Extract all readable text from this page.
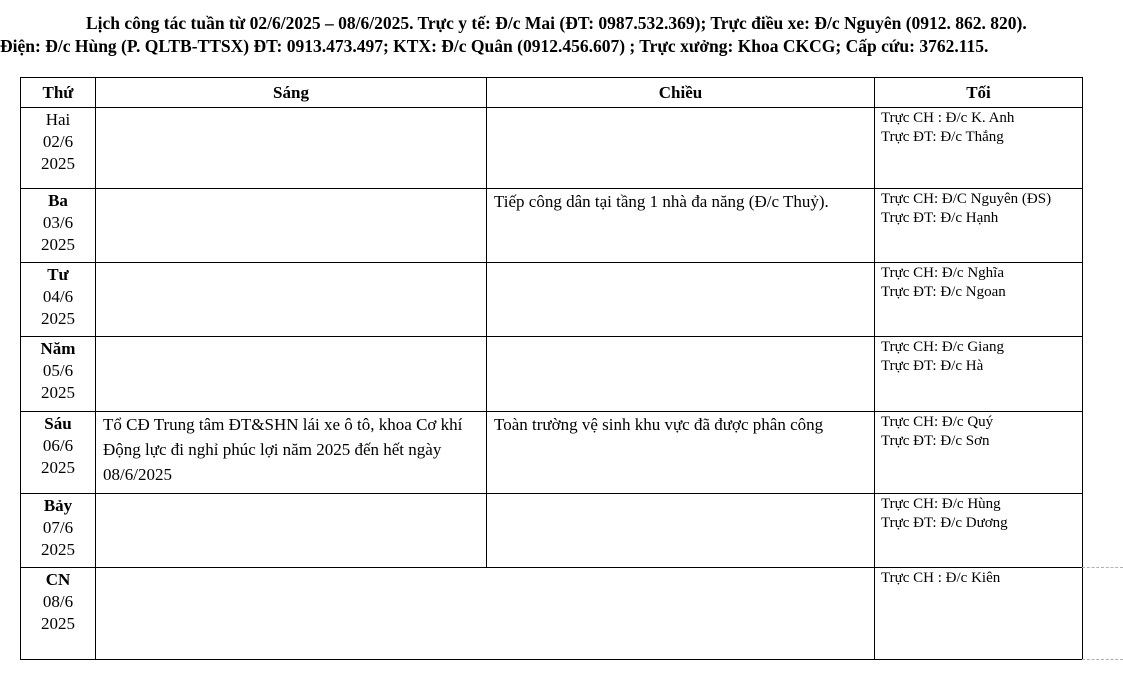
Lịch công tác tuần từ 02/6/2025 – 08/6/2025. Trực y tế: Đ/c Mai (ĐT: 0987.532.369); Trực điều xe: Đ/c Nguyên (0912. 862. 820).
Điện: Đ/c Hùng (P. QLTB-TTSX) ĐT: 0913.473.497; KTX: Đ/c Quân (0912.456.607) ; Trực xưởng: Khoa CKCG; Cấp cứu: 3762.115.
Thứ	Sáng	Chiều	Tối

Hai
02/6
2025			Trực CH : Đ/c K. Anh
Trực ĐT: Đ/c Thắng

Ba
03/6
2025		Tiếp công dân tại tầng 1 nhà đa năng (Đ/c Thuỷ).	Trực CH: Đ/C Nguyên (ĐS)
Trực ĐT: Đ/c Hạnh

Tư
04/6
2025			Trực CH: Đ/c Nghĩa
Trực ĐT: Đ/c Ngoan

Năm
05/6
2025			Trực CH: Đ/c Giang
Trực ĐT: Đ/c Hà

Sáu
06/6
2025	Tổ CĐ Trung tâm ĐT&SHN lái xe ô tô, khoa Cơ khí Động lực đi nghỉ phúc lợi năm 2025 đến hết ngày 08/6/2025	Toàn trường vệ sinh khu vực đã được phân công	Trực CH: Đ/c Quý
Trực ĐT: Đ/c Sơn

Bảy
07/6
2025			Trực CH: Đ/c Hùng
Trực ĐT: Đ/c Dương

CN
08/6
2025			Trực CH : Đ/c Kiên
